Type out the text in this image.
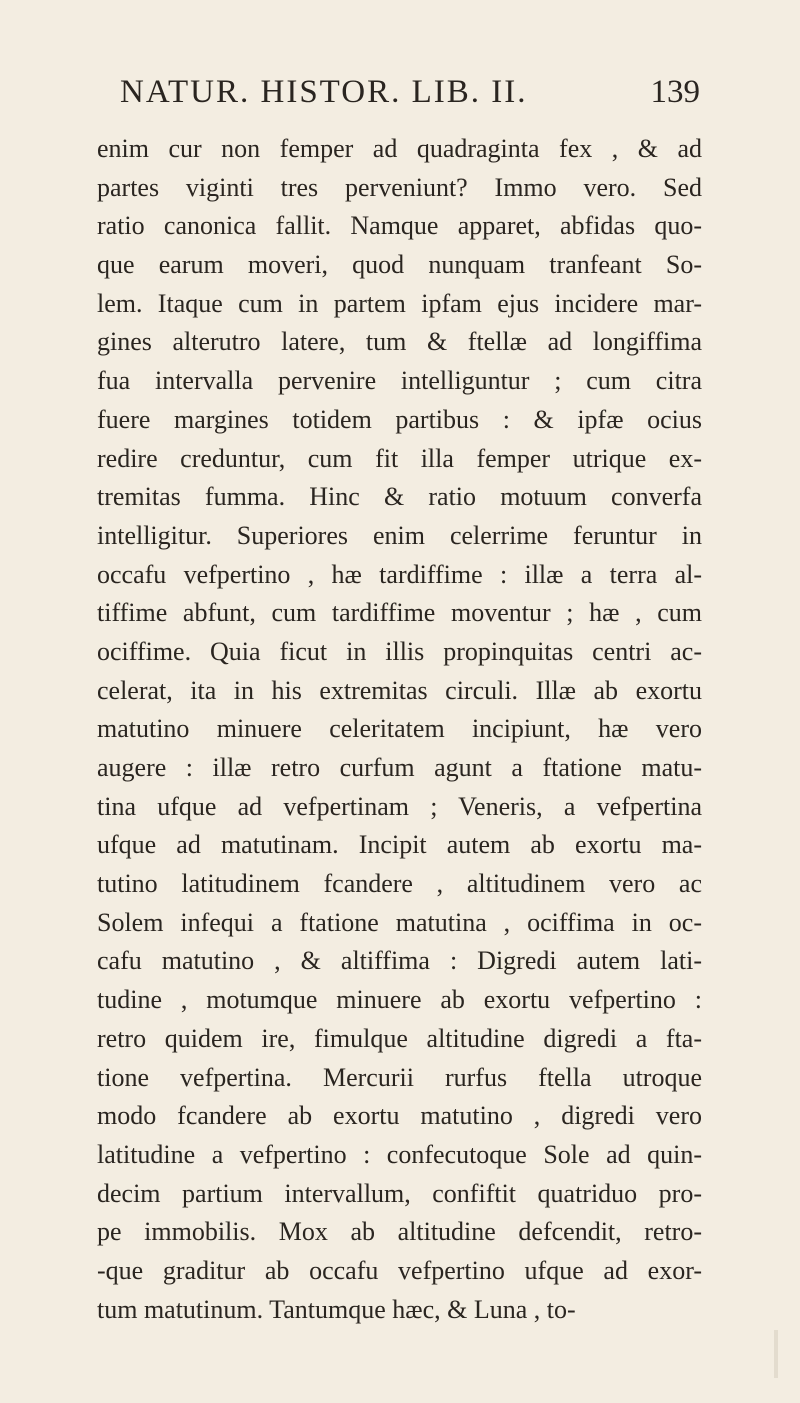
NATUR. HISTOR. LIB. II.	139
enim cur non femper ad quadraginta fex , & ad
partes viginti tres perveniunt? Immo vero. Sed
ratio canonica fallit. Namque apparet, abfidas quo-
que earum moveri, quod nunquam tranfeant So-
lem. Itaque cum in partem ipfam ejus incidere mar-
gines alterutro latere, tum & ftellæ ad longiffima
fua intervalla pervenire intelliguntur ; cum citra
fuere margines totidem partibus : & ipfæ ocius
redire creduntur, cum fit illa femper utrique ex-
tremitas fumma. Hinc & ratio motuum converfa
intelligitur. Superiores enim celerrime feruntur in
occafu vefpertino , hæ tardiffime : illæ a terra al-
tiffime abfunt, cum tardiffime moventur ; hæ , cum
ociffime. Quia ficut in illis propinquitas centri ac-
celerat, ita in his extremitas circuli. Illæ ab exortu
matutino minuere celeritatem incipiunt, hæ vero
augere : illæ retro curfum agunt a ftatione matu-
tina ufque ad vefpertinam ; Veneris, a vefpertina
ufque ad matutinam. Incipit autem ab exortu ma-
tutino latitudinem fcandere , altitudinem vero ac
Solem infequi a ftatione matutina , ociffima in oc-
cafu matutino , & altiffima : Digredi autem lati-
tudine , motumque minuere ab exortu vefpertino :
retro quidem ire, fimulque altitudine digredi a fta-
tione vefpertina. Mercurii rurfus ftella utroque
modo fcandere ab exortu matutino , digredi vero
latitudine a vefpertino : confecutoque Sole ad quin-
decim partium intervallum, confiftit quatriduo pro-
pe immobilis. Mox ab altitudine defcendit, retro-
-que graditur ab occafu vefpertino ufque ad exor-
tum matutinum. Tantumque hæc, & Luna , to-
